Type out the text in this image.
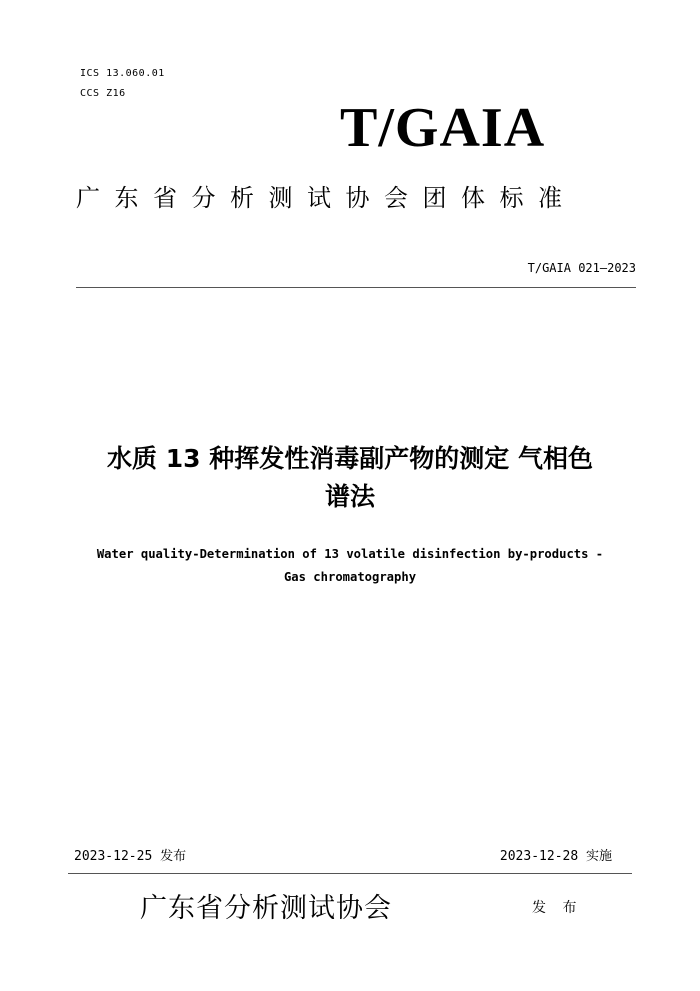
ICS 13.060.01
CCS Z16
T/GAIA
广东省分析测试协会团体标准
T/GAIA 021—2023
水质 13 种挥发性消毒副产物的测定 气相色
谱法
Water quality-Determination of 13 volatile disinfection by-products -
Gas chromatography
2023-12-25 发布	2023-12-28 实施
广东省分析测试协会	发 布
